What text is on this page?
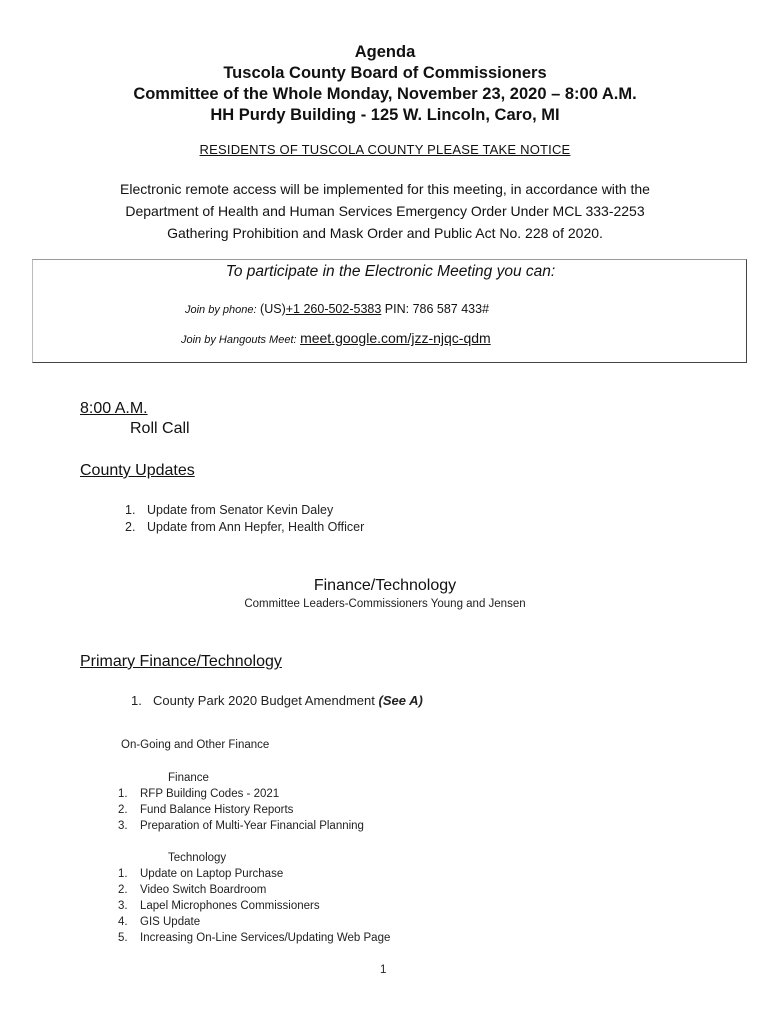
Agenda
Tuscola County Board of Commissioners
Committee of the Whole Monday, November 23, 2020 – 8:00 A.M.
HH Purdy Building - 125 W. Lincoln, Caro, MI
RESIDENTS OF TUSCOLA COUNTY PLEASE TAKE NOTICE
Electronic remote access will be implemented for this meeting, in accordance with the
Department of Health and Human Services Emergency Order Under MCL 333-2253
Gathering Prohibition and Mask Order and Public Act No. 228 of 2020.
To participate in the Electronic Meeting you can:
Join by phone: (US)+1 260-502-5383 PIN: 786 587 433#
Join by Hangouts Meet: meet.google.com/jzz-njqc-qdm
8:00 A.M.
Roll Call
County Updates
1. Update from Senator Kevin Daley
2. Update from Ann Hepfer, Health Officer
Finance/Technology
Committee Leaders-Commissioners Young and Jensen
Primary Finance/Technology
1. County Park 2020 Budget Amendment (See A)
On-Going and Other Finance
Finance
1. RFP Building Codes - 2021
2. Fund Balance History Reports
3. Preparation of Multi-Year Financial Planning
Technology
1. Update on Laptop Purchase
2. Video Switch Boardroom
3. Lapel Microphones Commissioners
4. GIS Update
5. Increasing On-Line Services/Updating Web Page
1
